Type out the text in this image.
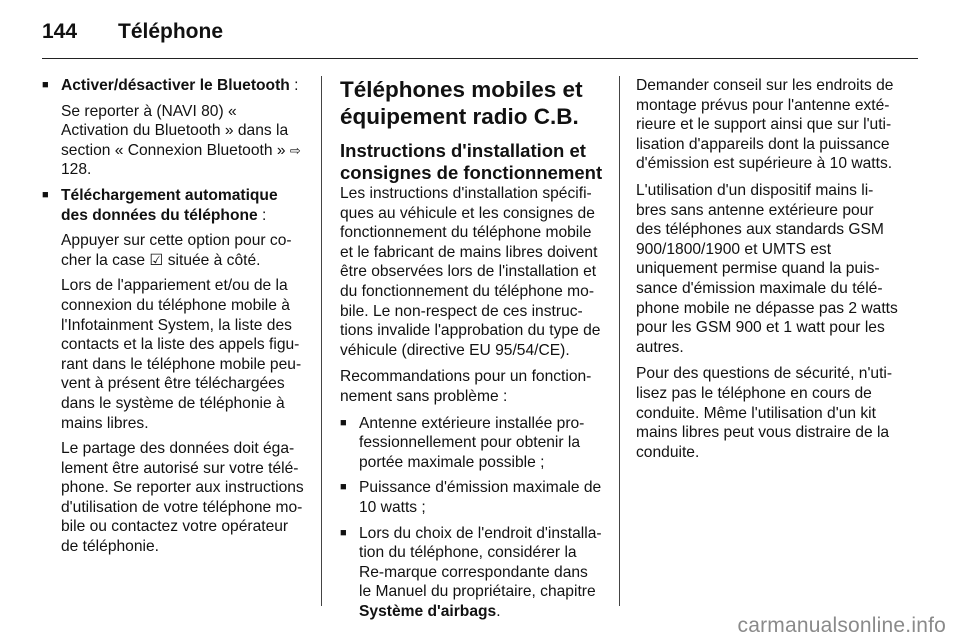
144	Téléphone
■ Activer/désactiver le Bluetooth :

Se reporter à (NAVI 80) « Activation du Bluetooth » dans la section « Connexion Bluetooth » ⇨ 128.

■ Téléchargement automatique des données du téléphone :

Appuyer sur cette option pour co-cher la case ☑ située à côté.

Lors de l'appariement et/ou de la connexion du téléphone mobile à l'Infotainment System, la liste des contacts et la liste des appels figu-rant dans le téléphone mobile peu-vent à présent être téléchargées dans le système de téléphonie à mains libres.

Le partage des données doit éga-lement être autorisé sur votre télé-phone. Se reporter aux instructions d'utilisation de votre téléphone mo-bile ou contactez votre opérateur de téléphonie.

Téléphones mobiles et équipement radio C.B.
Instructions d'installation et consignes de fonctionnement

Les instructions d'installation spécifi-ques au véhicule et les consignes de fonctionnement du téléphone mobile et le fabricant de mains libres doivent être observées lors de l'installation et du fonctionnement du téléphone mo-bile. Le non-respect de ces instruc-tions invalide l'approbation du type de véhicule (directive EU 95/54/CE).

Recommandations pour un fonction-nement sans problème :

■ Antenne extérieure installée pro-fessionnellement pour obtenir la portée maximale possible ;
■ Puissance d'émission maximale de 10 watts ;
■ Lors du choix de l'endroit d'installa-tion du téléphone, considérer la Re-marque correspondante dans le Manuel du propriétaire, chapitre Système d'airbags.

Demander conseil sur les endroits de montage prévus pour l'antenne exté-rieure et le support ainsi que sur l'uti-lisation d'appareils dont la puissance d'émission est supérieure à 10 watts.

L'utilisation d'un dispositif mains li-bres sans antenne extérieure pour des téléphones aux standards GSM 900/1800/1900 et UMTS est uniquement permise quand la puis-sance d'émission maximale du télé-phone mobile ne dépasse pas 2 watts pour les GSM 900 et 1 watt pour les autres.

Pour des questions de sécurité, n'uti-lisez pas le téléphone en cours de conduite. Même l'utilisation d'un kit mains libres peut vous distraire de la conduite.

carmanualsonline.info
